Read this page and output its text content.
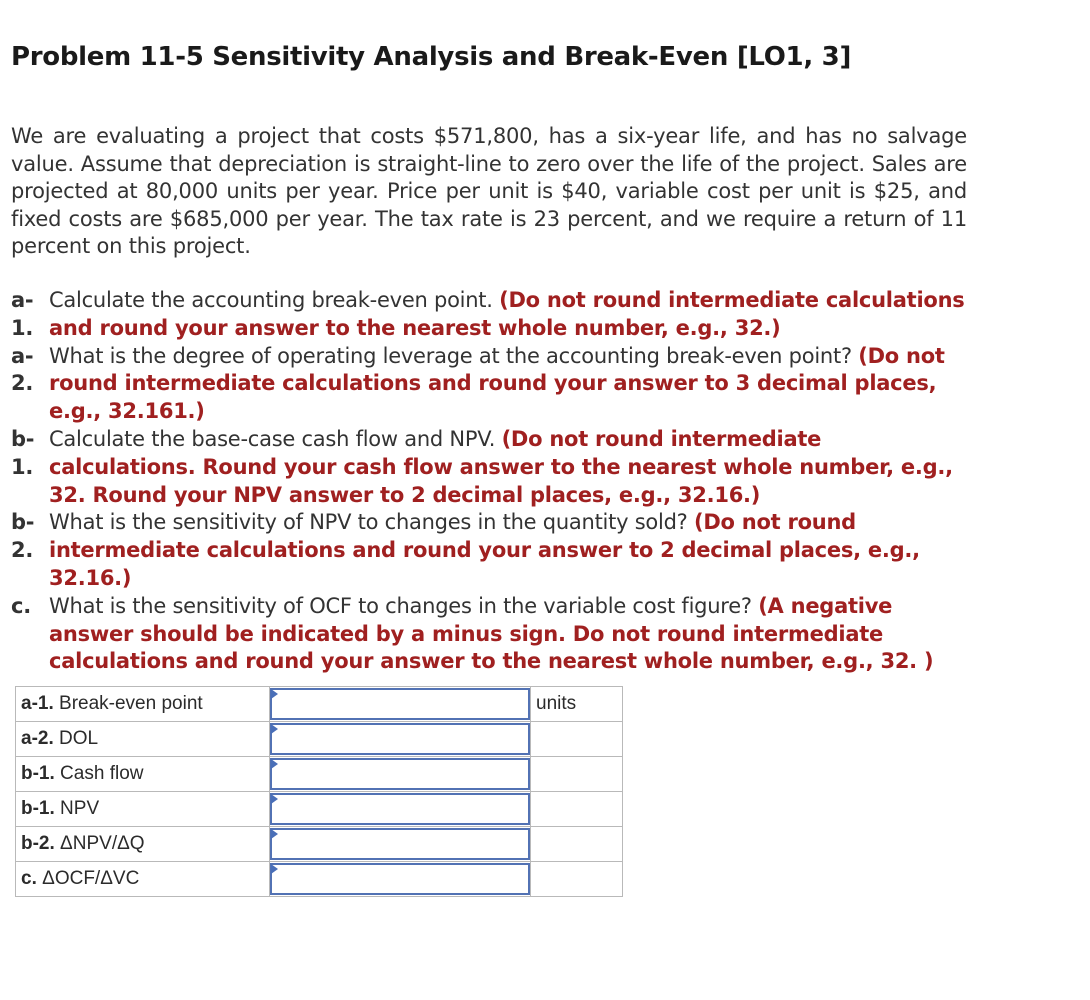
Problem 11-5 Sensitivity Analysis and Break-Even [LO1, 3]
We are evaluating a project that costs $571,800, has a six-year life, and has no salvage value. Assume that depreciation is straight-line to zero over the life of the project. Sales are projected at 80,000 units per year. Price per unit is $40, variable cost per unit is $25, and fixed costs are $685,000 per year. The tax rate is 23 percent, and we require a return of 11 percent on this project.
a-1.
Calculate the accounting break-even point. (Do not round intermediate calculations and round your answer to the nearest whole number, e.g., 32.)
a-
2.
What is the degree of operating leverage at the accounting break-even point? (Do not round intermediate calculations and round your answer to 3 decimal places, e.g., 32.161.)
b-
1.
Calculate the base-case cash flow and NPV. (Do not round intermediate calculations. Round your cash flow answer to the nearest whole number, e.g., 32. Round your NPV answer to 2 decimal places, e.g., 32.16.)
b-
2.
What is the sensitivity of NPV to changes in the quantity sold? (Do not round intermediate calculations and round your answer to 2 decimal places, e.g., 32.16.)
c. What is the sensitivity of OCF to changes in the variable cost figure? (A negative answer should be indicated by a minus sign. Do not round intermediate calculations and round your answer to the nearest whole number, e.g., 32. )
a-1. Break-even point		units
a-2. DOL	

b-1. Cash flow	

b-1. NPV	

b-2. ΔNPV/ΔQ	

c. ΔOCF/ΔVC	
